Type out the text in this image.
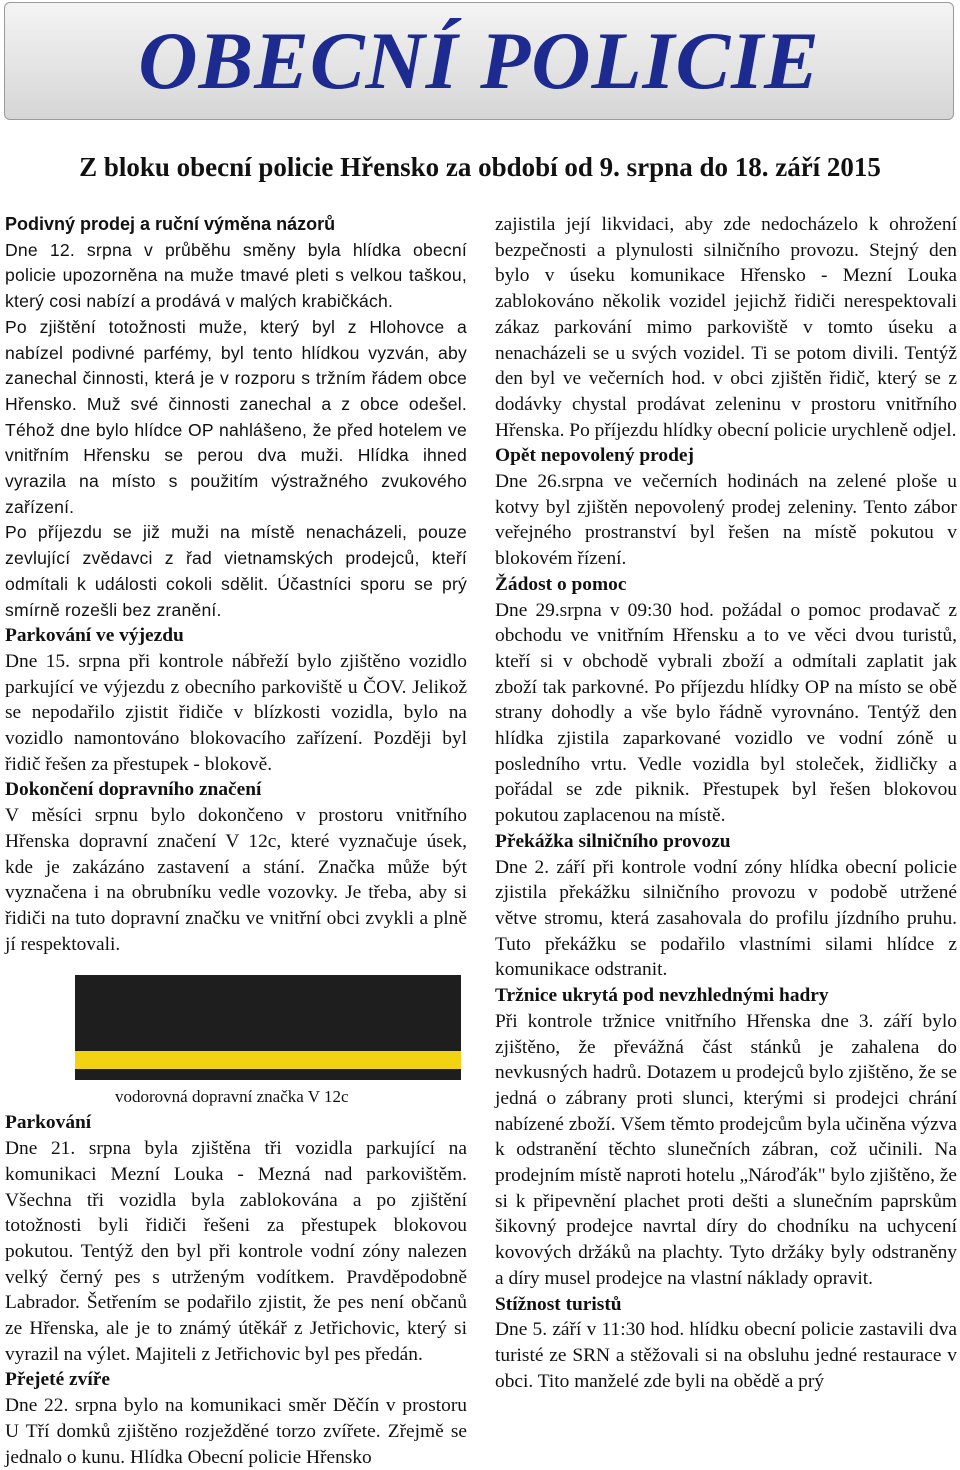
OBECNÍ POLICIE
Z bloku obecní policie Hřensko za období od 9. srpna do 18. září 2015

Podivný prodej a ruční výměna názorů

Dne 12. srpna v průběhu směny byla hlídka obecní policie upozorněna na muže tmavé pleti s velkou taškou, který cosi nabízí a prodává v malých krabičkách.

Po zjištění totožnosti muže, který byl z Hlohovce a nabízel podivné parfémy, byl tento hlídkou vyzván, aby zanechal činnosti, která je v rozporu s tržním řádem obce Hřensko. Muž své činnosti zanechal a z obce odešel. Téhož dne bylo hlídce OP nahlášeno, že před hotelem ve vnitřním Hřensku se perou dva muži. Hlídka ihned vyrazila na místo s použitím výstražného zvukového zařízení.

Po příjezdu se již muži na místě nenacházeli, pouze zevlující zvědavci z řad vietnamských prodejců, kteří odmítali k události cokoli sdělit. Účastníci sporu se prý smírně rozešli bez zranění.

Parkování ve výjezdu

Dne 15. srpna při kontrole nábřeží bylo zjištěno vozidlo parkující ve výjezdu z obecního parkoviště u ČOV. Jelikož se nepodařilo zjistit řidiče v blízkosti vozidla, bylo na vozidlo namontováno blokovacího zařízení. Později byl řidič řešen za přestupek - blokově.

Dokončení dopravního značení

V měsíci srpnu bylo dokončeno v prostoru vnitřního Hřenska dopravní značení V 12c, které vyznačuje úsek, kde je zakázáno zastavení a stání. Značka může být vyznačena i na obrubníku vedle vozovky. Je třeba, aby si řidiči na tuto dopravní značku ve vnitřní obci zvykli a plně jí respektovali.

vodorovná dopravní značka V 12c

Parkování

Dne 21. srpna byla zjištěna tři vozidla parkující na komunikaci Mezní Louka - Mezná nad parkovištěm. Všechna tři vozidla byla zablokována a po zjištění totožnosti byli řidiči řešeni za přestupek blokovou pokutou. Tentýž den byl při kontrole vodní zóny nalezen velký černý pes s utrženým vodítkem. Pravděpodobně Labrador. Šetřením se podařilo zjistit, že pes není občanů ze Hřenska, ale je to známý útěkář z Jetřichovic, který si vyrazil na výlet. Majiteli z Jetřichovic byl pes předán.

Přejeté zvíře

Dne 22. srpna bylo na komunikaci směr Děčín v prostoru U Tří domků zjištěno rozježděné torzo zvířete. Zřejmě se jednalo o kunu. Hlídka Obecní policie Hřensko

zajistila její likvidaci, aby zde nedocházelo k ohrožení bezpečnosti a plynulosti silničního provozu. Stejný den bylo v úseku komunikace Hřensko - Mezní Louka zablokováno několik vozidel jejichž řidiči nerespektovali zákaz parkování mimo parkoviště v tomto úseku a nenacházeli se u svých vozidel. Ti se potom divili. Tentýž den byl ve večerních hod. v obci zjištěn řidič, který se z dodávky chystal prodávat zeleninu v prostoru vnitřního Hřenska. Po příjezdu hlídky obecní policie urychleně odjel.

Opět nepovolený prodej

Dne 26.srpna ve večerních hodinách na zelené ploše u kotvy byl zjištěn nepovolený prodej zeleniny. Tento zábor veřejného prostranství byl řešen na místě pokutou v blokovém řízení.

Žádost o pomoc

Dne 29.srpna v 09:30 hod. požádal o pomoc prodavač z obchodu ve vnitřním Hřensku a to ve věci dvou turistů, kteří si v obchodě vybrali zboží a odmítali zaplatit jak zboží tak parkovné. Po příjezdu hlídky OP na místo se obě strany dohodly a vše bylo řádně vyrovnáno. Tentýž den hlídka zjistila zaparkované vozidlo ve vodní zóně u posledního vrtu. Vedle vozidla byl stoleček, židličky a pořádal se zde piknik. Přestupek byl řešen blokovou pokutou zaplacenou na místě.

Překážka silničního provozu

Dne 2. září při kontrole vodní zóny hlídka obecní policie zjistila překážku silničního provozu v podobě utržené větve stromu, která zasahovala do profilu jízdního pruhu. Tuto překážku se podařilo vlastními silami hlídce z komunikace odstranit.

Tržnice ukrytá pod nevzhlednými hadry

Při kontrole tržnice vnitřního Hřenska dne 3. září bylo zjištěno, že převážná část stánků je zahalena do nevkusných hadrů. Dotazem u prodejců bylo zjištěno, že se jedná o zábrany proti slunci, kterými si prodejci chrání nabízené zboží. Všem těmto prodejcům byla učiněna výzva k odstranění těchto slunečních zábran, což učinili. Na prodejním místě naproti hotelu „Nároďák" bylo zjištěno, že si k připevnění plachet proti dešti a slunečním paprskům šikovný prodejce navrtal díry do chodníku na uchycení kovových držáků na plachty. Tyto držáky byly odstraněny a díry musel prodejce na vlastní náklady opravit.

Stížnost turistů

Dne 5. září v 11:30 hod. hlídku obecní policie zastavili dva turisté ze SRN a stěžovali si na obsluhu jedné restaurace v obci. Tito manželé zde byli na obědě a prý
